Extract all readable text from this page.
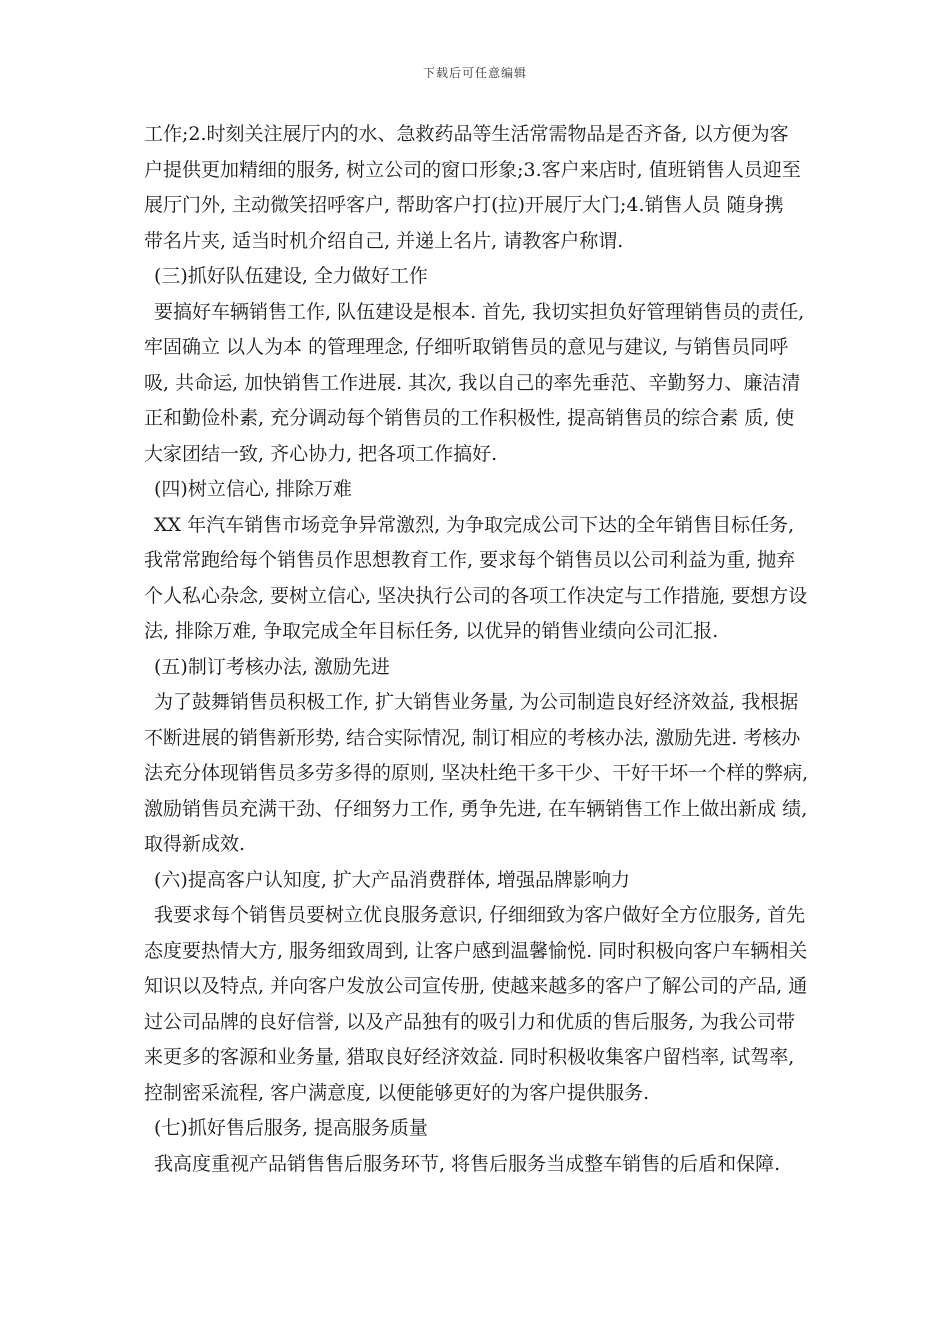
下载后可任意编辑
工作;2.时刻关注展厅内的水、急救药品等生活常需物品是否齐备, 以方便为客
户提供更加精细的服务, 树立公司的窗口形象;3.客户来店时, 值班销售人员迎至
展厅门外, 主动微笑招呼客户, 帮助客户打(拉)开展厅大门;4.销售人员 随身携
带名片夹, 适当时机介绍自己, 并递上名片, 请教客户称谓.
(三)抓好队伍建设, 全力做好工作
要搞好车辆销售工作, 队伍建设是根本. 首先, 我切实担负好管理销售员的责任,
牢固确立 以人为本 的管理理念, 仔细听取销售员的意见与建议, 与销售员同呼
吸, 共命运, 加快销售工作进展. 其次, 我以自己的率先垂范、辛勤努力、廉洁清
正和勤俭朴素, 充分调动每个销售员的工作积极性, 提高销售员的综合素 质, 使
大家团结一致, 齐心协力, 把各项工作搞好.
(四)树立信心, 排除万难
XX 年汽车销售市场竞争异常激烈, 为争取完成公司下达的全年销售目标任务,
我常常跑给每个销售员作思想教育工作, 要求每个销售员以公司利益为重, 抛弃
个人私心杂念, 要树立信心, 坚决执行公司的各项工作决定与工作措施, 要想方设
法, 排除万难, 争取完成全年目标任务, 以优异的销售业绩向公司汇报.
(五)制订考核办法, 激励先进
为了鼓舞销售员积极工作, 扩大销售业务量, 为公司制造良好经济效益, 我根据
不断进展的销售新形势, 结合实际情况, 制订相应的考核办法, 激励先进. 考核办
法充分体现销售员多劳多得的原则, 坚决杜绝干多干少、干好干坏一个样的弊病,
激励销售员充满干劲、仔细努力工作, 勇争先进, 在车辆销售工作上做出新成 绩,
取得新成效.
(六)提高客户认知度, 扩大产品消费群体, 增强品牌影响力
我要求每个销售员要树立优良服务意识, 仔细细致为客户做好全方位服务, 首先
态度要热情大方, 服务细致周到, 让客户感到温馨愉悦. 同时积极向客户车辆相关
知识以及特点, 并向客户发放公司宣传册, 使越来越多的客户了解公司的产品, 通
过公司品牌的良好信誉, 以及产品独有的吸引力和优质的售后服务, 为我公司带
来更多的客源和业务量, 猎取良好经济效益. 同时积极收集客户留档率, 试驾率,
控制密采流程, 客户满意度, 以便能够更好的为客户提供服务.
(七)抓好售后服务, 提高服务质量
我高度重视产品销售售后服务环节, 将售后服务当成整车销售的后盾和保障.
